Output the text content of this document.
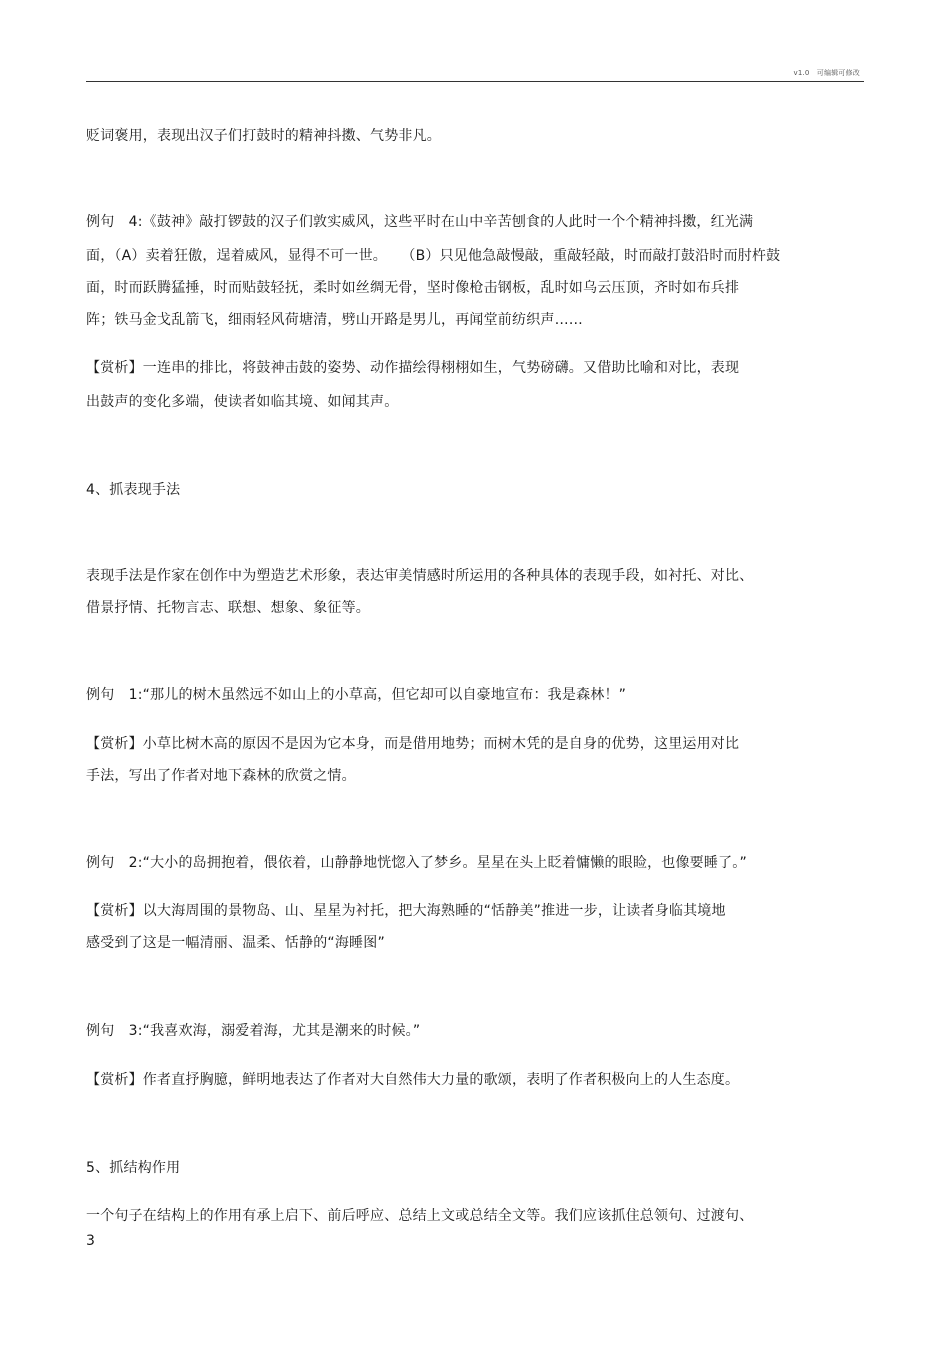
v1.0　可编辑可修改
贬词褒用，表现出汉子们打鼓时的精神抖擞、气势非凡。
例句　4:《鼓神》敲打锣鼓的汉子们敦实威风，这些平时在山中辛苦刨食的人此时一个个精神抖擞，红光满
面，（A）卖着狂傲，逞着威风，显得不可一世。　　（B）只见他急敲慢敲，重敲轻敲，时而敲打鼓沿时而肘杵鼓
面，时而跃腾猛捶，时而贴鼓轻抚，柔时如丝绸无骨，坚时像枪击钢板，乱时如乌云压顶，齐时如布兵排
阵；铁马金戈乱箭飞，细雨轻风荷塘清，劈山开路是男儿，再闻堂前纺织声……
【赏析】一连串的排比，将鼓神击鼓的姿势、动作描绘得栩栩如生，气势磅礴。又借助比喻和对比，表现
出鼓声的变化多端，使读者如临其境、如闻其声。
4、抓表现手法
表现手法是作家在创作中为塑造艺术形象，表达审美情感时所运用的各种具体的表现手段，如衬托、对比、
借景抒情、托物言志、联想、想象、象征等。
例句　1:“那儿的树木虽然远不如山上的小草高，但它却可以自豪地宣布：我是森林！”
【赏析】小草比树木高的原因不是因为它本身，而是借用地势；而树木凭的是自身的优势，这里运用对比
手法，写出了作者对地下森林的欣赏之情。
例句　2:“大小的岛拥抱着，偎依着，山静静地恍惚入了梦乡。星星在头上眨着慵懒的眼睑，也像要睡了。”
【赏析】以大海周围的景物岛、山、星星为衬托，把大海熟睡的“恬静美”推进一步，让读者身临其境地
感受到了这是一幅清丽、温柔、恬静的“海睡图”
例句　3:“我喜欢海，溺爱着海，尤其是潮来的时候。”
【赏析】作者直抒胸臆，鲜明地表达了作者对大自然伟大力量的歌颂，表明了作者积极向上的人生态度。
5、抓结构作用
一个句子在结构上的作用有承上启下、前后呼应、总结上文或总结全文等。我们应该抓住总领句、过渡句、
3
